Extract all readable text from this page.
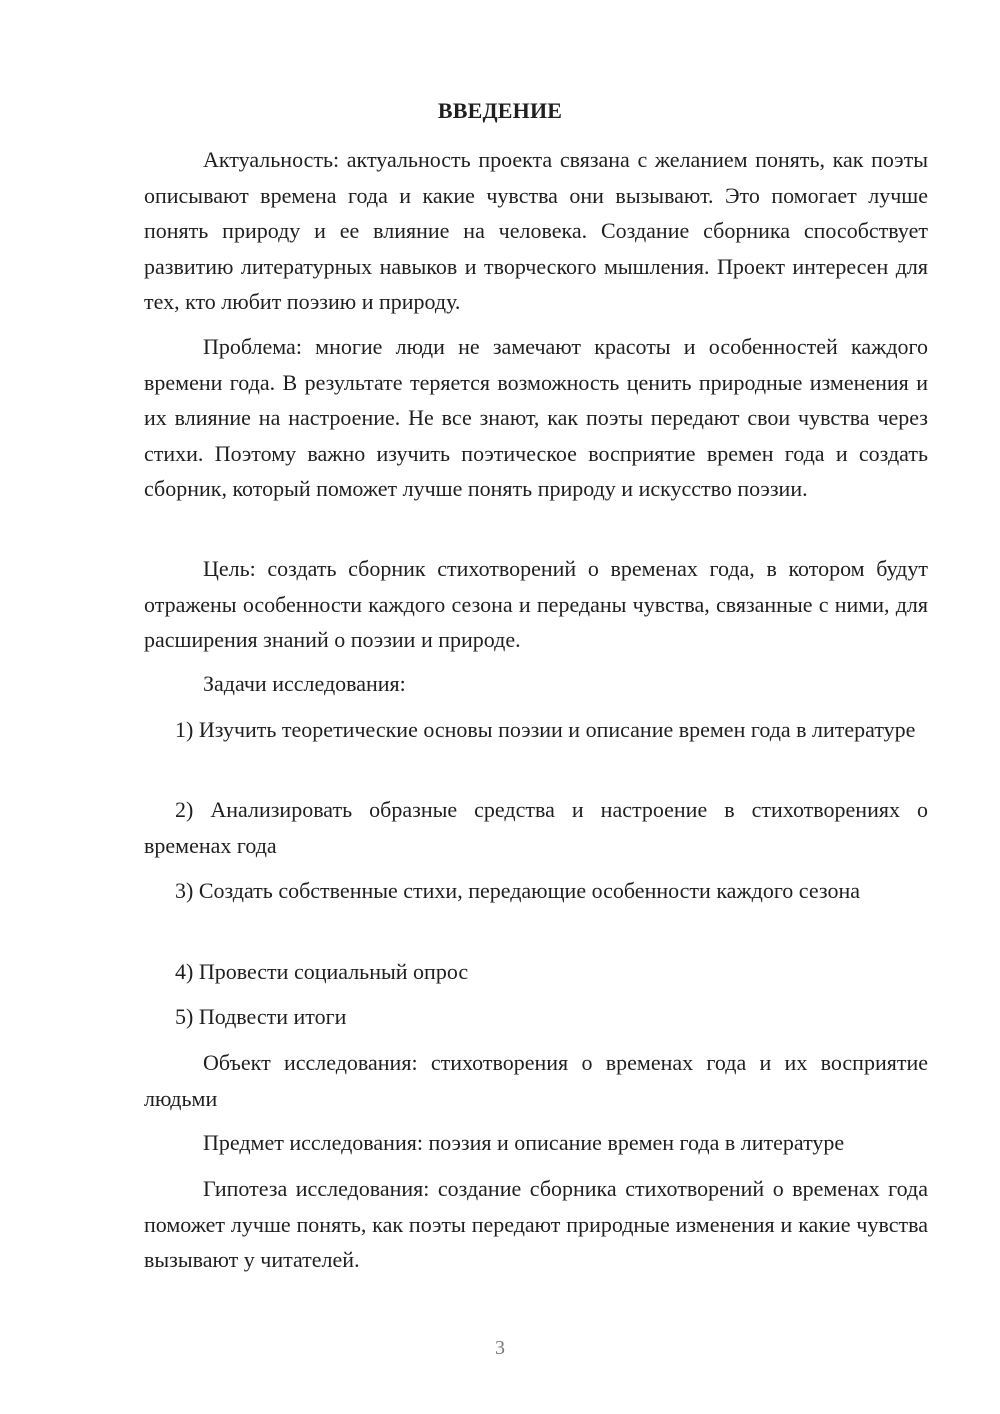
ВВЕДЕНИЕ

Актуальность: актуальность проекта связана с желанием понять, как поэты описывают времена года и какие чувства они вызывают. Это помогает лучше понять природу и ее влияние на человека. Создание сборника способствует развитию литературных навыков и творческого мышления. Проект интересен для тех, кто любит поэзию и природу.

Проблема: многие люди не замечают красоты и особенностей каждого времени года. В результате теряется возможность ценить природные изменения и их влияние на настроение. Не все знают, как поэты передают свои чувства через стихи. Поэтому важно изучить поэтическое восприятие времен года и создать сборник, который поможет лучше понять природу и искусство поэзии.

Цель: создать сборник стихотворений о временах года, в котором будут отражены особенности каждого сезона и переданы чувства, связанные с ними, для расширения знаний о поэзии и природе.

Задачи исследования:

1) Изучить теоретические основы поэзии и описание времен года в литературе

2) Анализировать образные средства и настроение в стихотворениях о временах года

3) Создать собственные стихи, передающие особенности каждого сезона

4) Провести социальный опрос

5) Подвести итоги

Объект исследования: стихотворения о временах года и их восприятие людьми

Предмет исследования: поэзия и описание времен года в литературе

Гипотеза исследования: создание сборника стихотворений о временах года поможет лучше понять, как поэты передают природные изменения и какие чувства вызывают у читателей.

3
